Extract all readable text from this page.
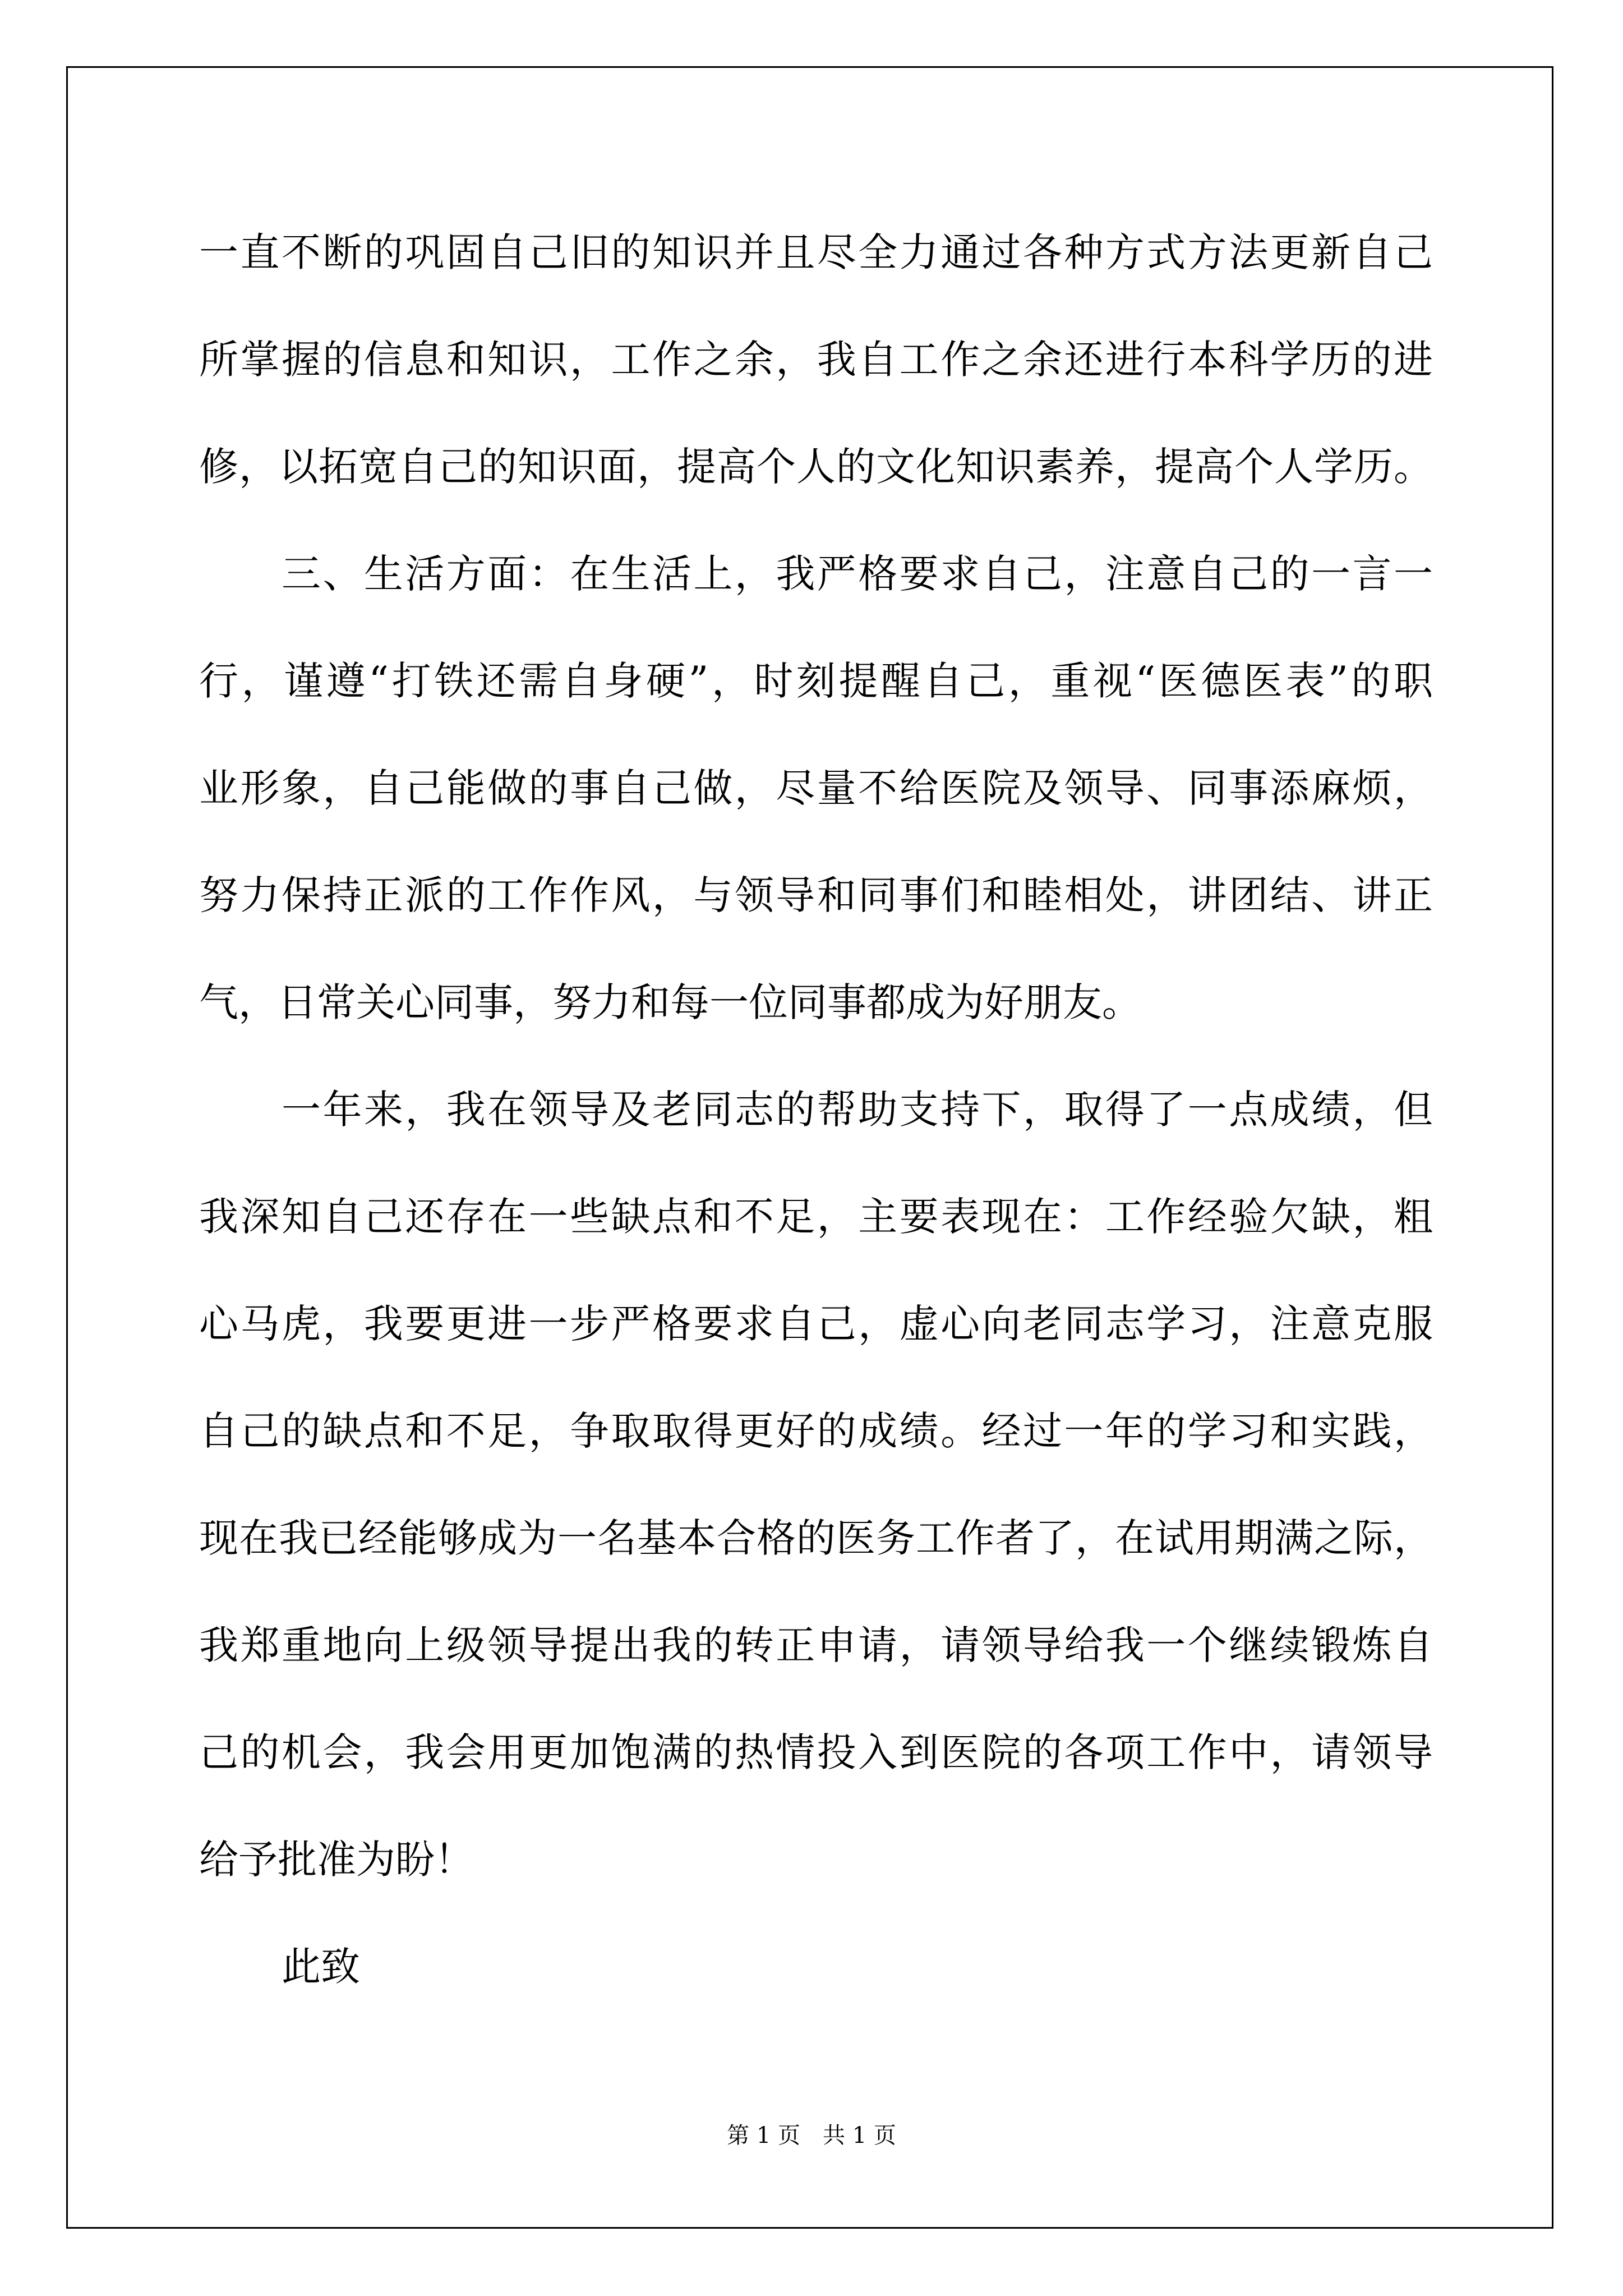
一直不断的巩固自己旧的知识并且尽全力通过各种方式方法更新自己
所掌握的信息和知识，工作之余，我自工作之余还进行本科学历的进
修，以拓宽自己的知识面，提高个人的文化知识素养，提高个人学历。
三、生活方面：在生活上，我严格要求自己，注意自己的一言一
行，谨遵“打铁还需自身硬”，时刻提醒自己，重视“医德医表”的职
业形象，自己能做的事自己做，尽量不给医院及领导、同事添麻烦，
努力保持正派的工作作风，与领导和同事们和睦相处，讲团结、讲正
气，日常关心同事，努力和每一位同事都成为好朋友。
一年来，我在领导及老同志的帮助支持下，取得了一点成绩，但
我深知自己还存在一些缺点和不足，主要表现在：工作经验欠缺，粗
心马虎，我要更进一步严格要求自己，虚心向老同志学习，注意克服
自己的缺点和不足，争取取得更好的成绩。经过一年的学习和实践，
现在我已经能够成为一名基本合格的医务工作者了，在试用期满之际，
我郑重地向上级领导提出我的转正申请，请领导给我一个继续锻炼自
己的机会，我会用更加饱满的热情投入到医院的各项工作中，请领导
给予批准为盼！
此致
第 1 页　共 1 页
